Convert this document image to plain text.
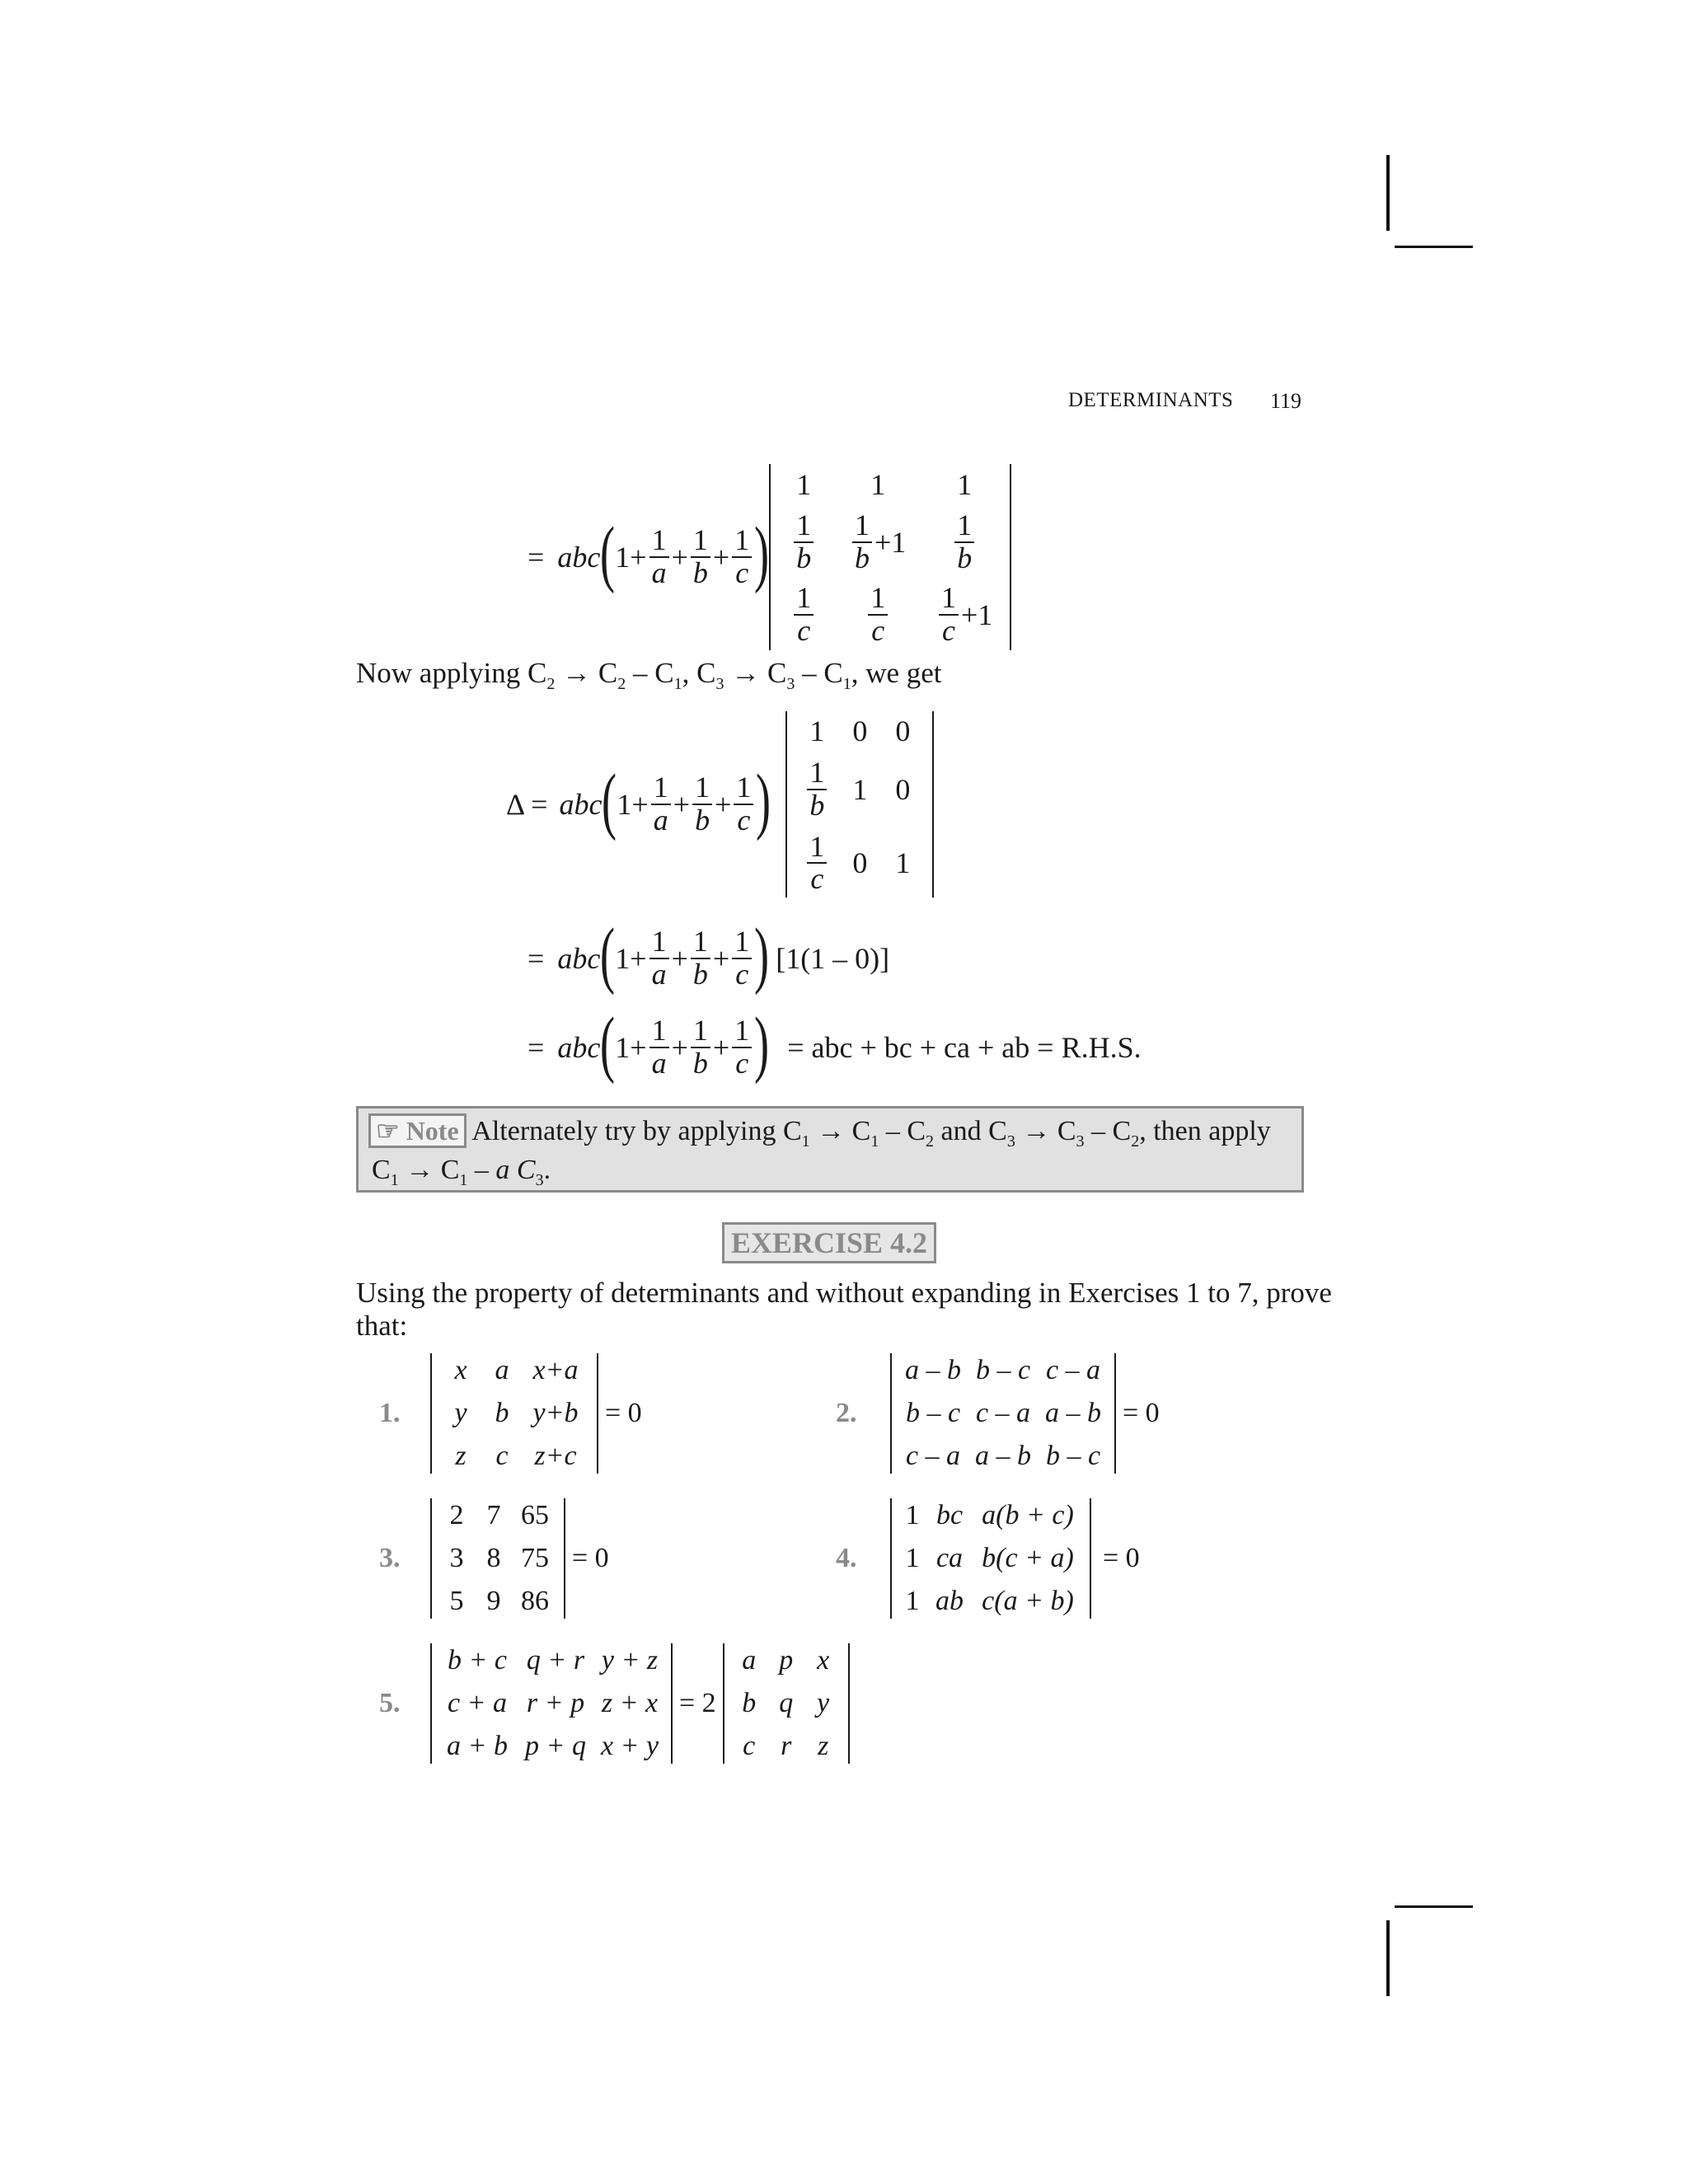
DETERMINANTS 119
= abc ( $1+ \frac{1}{a} + \frac{1}{b} + \frac{1}{c}$ )
1 1 1
$\frac{1}{b} \frac{1}{b} +1 \frac{1}{b}$
$\frac{1}{c} \frac{1}{c} \frac{1}{c} +1$
Now applying $C_2 \to C_2 - C_1$, $C_3 \to C_3 - C_1$, we get
Δ = abc ( $1+ \frac{1}{a} + \frac{1}{b} + \frac{1}{c}$ )
1 0 0
$\frac{1}{b} 1$ 0
$\frac{1}{c} 0$ 1
= abc ( $1+ \frac{1}{a} + \frac{1}{b} + \frac{1}{c}$ ) [1(1 – 0)]
= abc ( $1+ \frac{1}{a} + \frac{1}{b} + \frac{1}{c}$ ) = abc + bc + ca + ab = R.H.S.
☞ Note Alternately try by applying $C_1 \to C_1 - C_2$ and $C_3 \to C_3 - C_2$, then apply
$C_1 \to C_1 - a$ $C_3$.
EXERCISE 4.2
Using the property of determinants and without expanding in Exercises 1 to 7, prove
that:
1.
x a x+a
y b y+b
z c z+c
= 0	2.
a – b b – c c – a
b – c c – a a – b
c – a a – b b – c
= 0
3.
2 7 65
3 8 75
5 9 86
= 0	4.
1 bc a(b + c)
1 ca b(c + a)
1 ab c(a + b)
= 0
5.
b + c q + r y + z
c + a r + p z + x
a + b p + q x + y
= 2
a p x
b q y
c r z
